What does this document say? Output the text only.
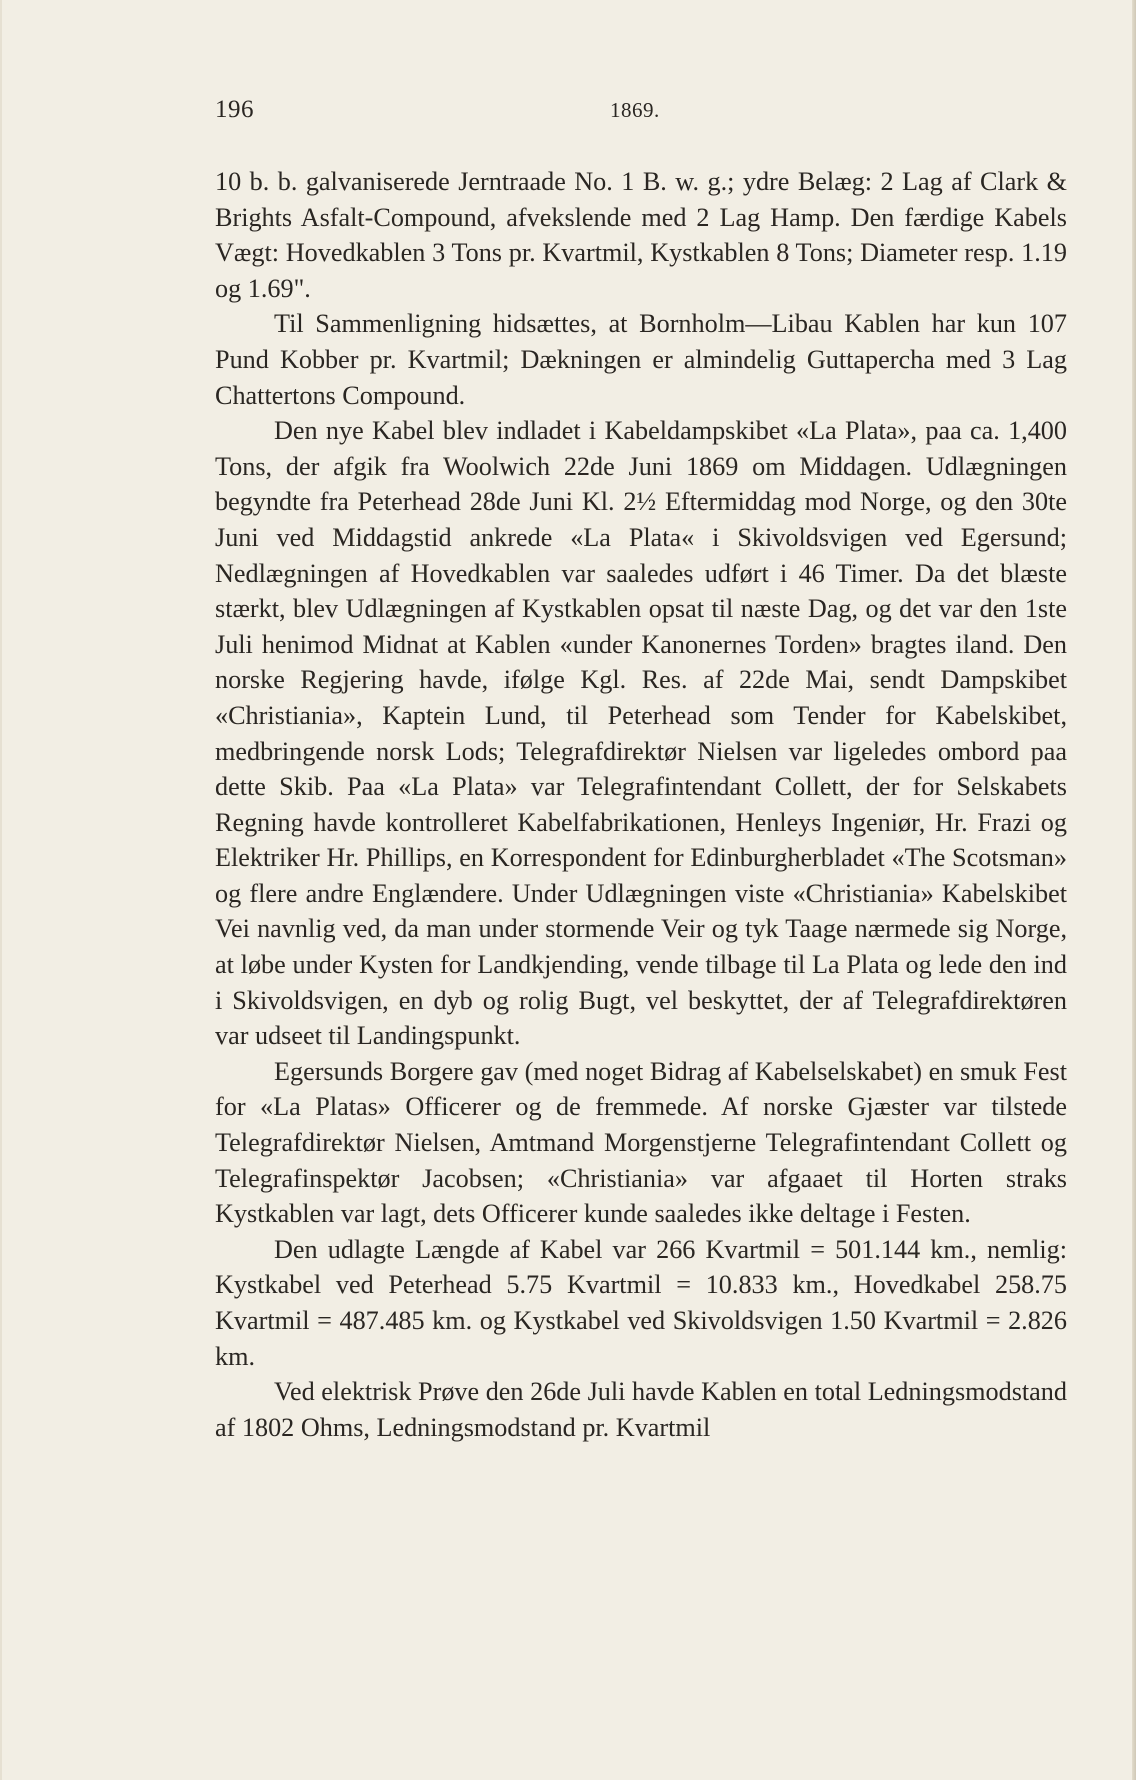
196	1869.

10 b. b. galvaniserede Jerntraade No. 1 B. w. g.; ydre Belæg: 2 Lag af Clark & Brights Asfalt-Compound, afvekslende med 2 Lag Hamp. Den færdige Kabels Vægt: Hovedkablen 3 Tons pr. Kvartmil, Kystkablen 8 Tons; Diameter resp. 1.19 og 1.69".

Til Sammenligning hidsættes, at Bornholm—Libau Kablen har kun 107 Pund Kobber pr. Kvartmil; Dækningen er almindelig Guttapercha med 3 Lag Chattertons Compound.

Den nye Kabel blev indladet i Kabeldampskibet «La Plata», paa ca. 1,400 Tons, der afgik fra Woolwich 22de Juni 1869 om Middagen. Udlægningen begyndte fra Peterhead 28de Juni Kl. 2½ Eftermiddag mod Norge, og den 30te Juni ved Middagstid ankrede «La Plata« i Skivoldsvigen ved Egersund; Nedlægningen af Hovedkablen var saaledes udført i 46 Timer. Da det blæste stærkt, blev Udlægningen af Kystkablen opsat til næste Dag, og det var den 1ste Juli henimod Midnat at Kablen «under Kanonernes Torden» bragtes iland. Den norske Regjering havde, ifølge Kgl. Res. af 22de Mai, sendt Dampskibet «Christiania», Kaptein Lund, til Peterhead som Tender for Kabelskibet, medbringende norsk Lods; Telegrafdirektør Nielsen var ligeledes ombord paa dette Skib. Paa «La Plata» var Telegrafintendant Collett, der for Selskabets Regning havde kontrolleret Kabelfabrikationen, Henleys Ingeniør, Hr. Frazi og Elektriker Hr. Phillips, en Korrespondent for Edinburgherbladet «The Scotsman» og flere andre Englændere. Under Udlægningen viste «Christiania» Kabelskibet Vei navnlig ved, da man under stormende Veir og tyk Taage nærmede sig Norge, at løbe under Kysten for Landkjending, vende tilbage til La Plata og lede den ind i Skivoldsvigen, en dyb og rolig Bugt, vel beskyttet, der af Telegrafdirektøren var udseet til Landingspunkt.

Egersunds Borgere gav (med noget Bidrag af Kabelselskabet) en smuk Fest for «La Platas» Officerer og de fremmede. Af norske Gjæster var tilstede Telegrafdirektør Nielsen, Amtmand Morgenstjerne Telegrafintendant Collett og Telegrafinspektør Jacobsen; «Christiania» var afgaaet til Horten straks Kystkablen var lagt, dets Officerer kunde saaledes ikke deltage i Festen.

Den udlagte Længde af Kabel var 266 Kvartmil = 501.144 km., nemlig: Kystkabel ved Peterhead 5.75 Kvartmil = 10.833 km., Hovedkabel 258.75 Kvartmil = 487.485 km. og Kystkabel ved Skivoldsvigen 1.50 Kvartmil = 2.826 km.

Ved elektrisk Prøve den 26de Juli havde Kablen en total Ledningsmodstand af 1802 Ohms, Ledningsmodstand pr. Kvartmil
